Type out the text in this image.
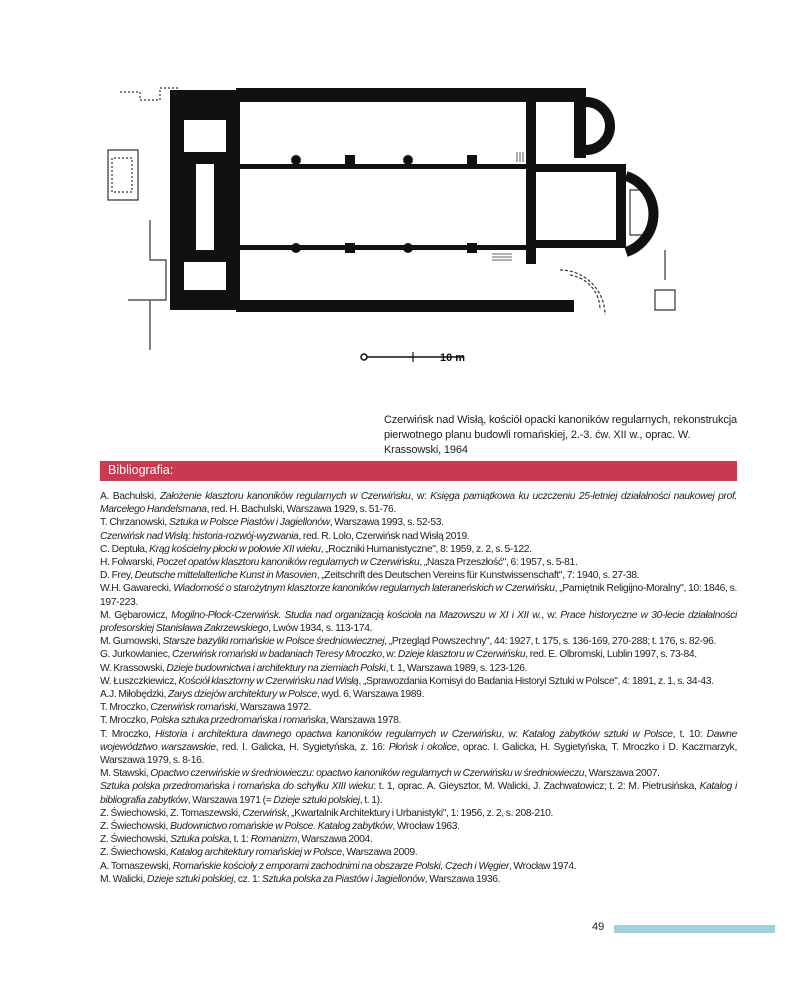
10 m

Czerwińsk nad Wisłą, kościół opacki kanoników regularnych, rekonstrukcja

pierwotnego planu budowli romańskiej, 2.-3. ćw. XII w., oprac. W. Krassowski, 1964

Bibliografia:
A. Bachulski, Założenie klasztoru kanoników regularnych w Czerwińsku, w: Księga pamiątkowa ku uczczeniu 25-letniej działalności naukowej prof. Marcelego Handelsmana, red. H. Bachulski, Warszawa 1929, s. 51-76.
T. Chrzanowski, Sztuka w Polsce Piastów i Jagiellonów, Warszawa 1993, s. 52-53.
Czerwińsk nad Wisłą: historia-rozwój-wyzwania, red. R. Lolo, Czerwińsk nad Wisłą 2019.
C. Deptuła, Krąg kościelny płocki w połowie XII wieku, „Roczniki Humanistyczne", 8: 1959, z. 2, s. 5-122.
H. Folwarski, Poczet opatów klasztoru kanoników regularnych w Czerwińsku, „Nasza Przeszłość", 6: 1957, s. 5-81.
D. Frey, Deutsche mittelalterliche Kunst in Masovien, „Zeitschrift des Deutschen Vereins für Kunstwissenschaft", 7: 1940, s. 27-38.
W.H. Gawarecki, Wiadomość o starożytnym klasztorze kanoników regularnych lateraneńskich w Czerwińsku, „Pamiętnik Religijno-Moralny", 10: 1846, s. 197-223.
M. Gębarowicz, Mogilno-Płock-Czerwińsk. Studia nad organizacją kościoła na Mazowszu w XI i XII w., w: Prace historyczne w 30-lecie działalności profesorskiej Stanisława Zakrzewskiego, Lwów 1934, s. 113-174.
M. Gumowski, Starsze bazyliki romańskie w Polsce średniowiecznej, „Przegląd Powszechny", 44: 1927, t. 175, s. 136-169, 270-288; t. 176, s. 82-96.
G. Jurkowlaniec, Czerwińsk romański w badaniach Teresy Mroczko, w: Dzieje klasztoru w Czerwińsku, red. E. Olbromski, Lublin 1997, s. 73-84.
W. Krassowski, Dzieje budownictwa i architektury na ziemiach Polski, t. 1, Warszawa 1989, s. 123-126.
W. Łuszczkiewicz, Kościół klasztorny w Czerwińsku nad Wisłą, „Sprawozdania Komisyi do Badania Historyi Sztuki w Polsce", 4: 1891, z. 1, s. 34-43.
A.J. Miłobędzki, Zarys dziejów architektury w Polsce, wyd. 6, Warszawa 1989.
T. Mroczko, Czerwińsk romański, Warszawa 1972.
T. Mroczko, Polska sztuka przedromańska i romańska, Warszawa 1978.
T. Mroczko, Historia i architektura dawnego opactwa kanoników regularnych w Czerwińsku, w: Katalog zabytków sztuki w Polsce, t. 10: Dawne województwo warszawskie, red. I. Galicka, H. Sygietyńska, z. 16: Płońsk i okolice, oprac. I. Galicka, H. Sygietyńska, T. Mroczko i D. Kaczmarzyk, Warszawa 1979, s. 8-16.
M. Stawski, Opactwo czerwińskie w średniowieczu: opactwo kanoników regularnych w Czerwińsku w średniowieczu, Warszawa 2007.
Sztuka polska przedromańska i romańska do schyłku XIII wieku: t. 1, oprac. A. Gieysztor, M. Walicki, J. Zachwatowicz; t. 2: M. Pietrusińska, Katalog i bibliografia zabytków, Warszawa 1971 (= Dzieje sztuki polskiej, t. 1).
Z. Świechowski, Z. Tomaszewski, Czerwińsk, „Kwartalnik Architektury i Urbanistyki", 1: 1956, z. 2, s. 208-210.
Z. Świechowski, Budownictwo romańskie w Polsce. Katalog zabytków, Wrocław 1963.
Z. Świechowski, Sztuka polska, t. 1: Romanizm, Warszawa 2004.
Z. Świechowski, Katalog architektury romańskiej w Polsce, Warszawa 2009.
A. Tomaszewski, Romańskie kościoły z emporami zachodnimi na obszarze Polski, Czech i Węgier, Wrocław 1974.
M. Walicki, Dzieje sztuki polskiej, cz. 1: Sztuka polska za Piastów i Jagiellonów, Warszawa 1936.
49
